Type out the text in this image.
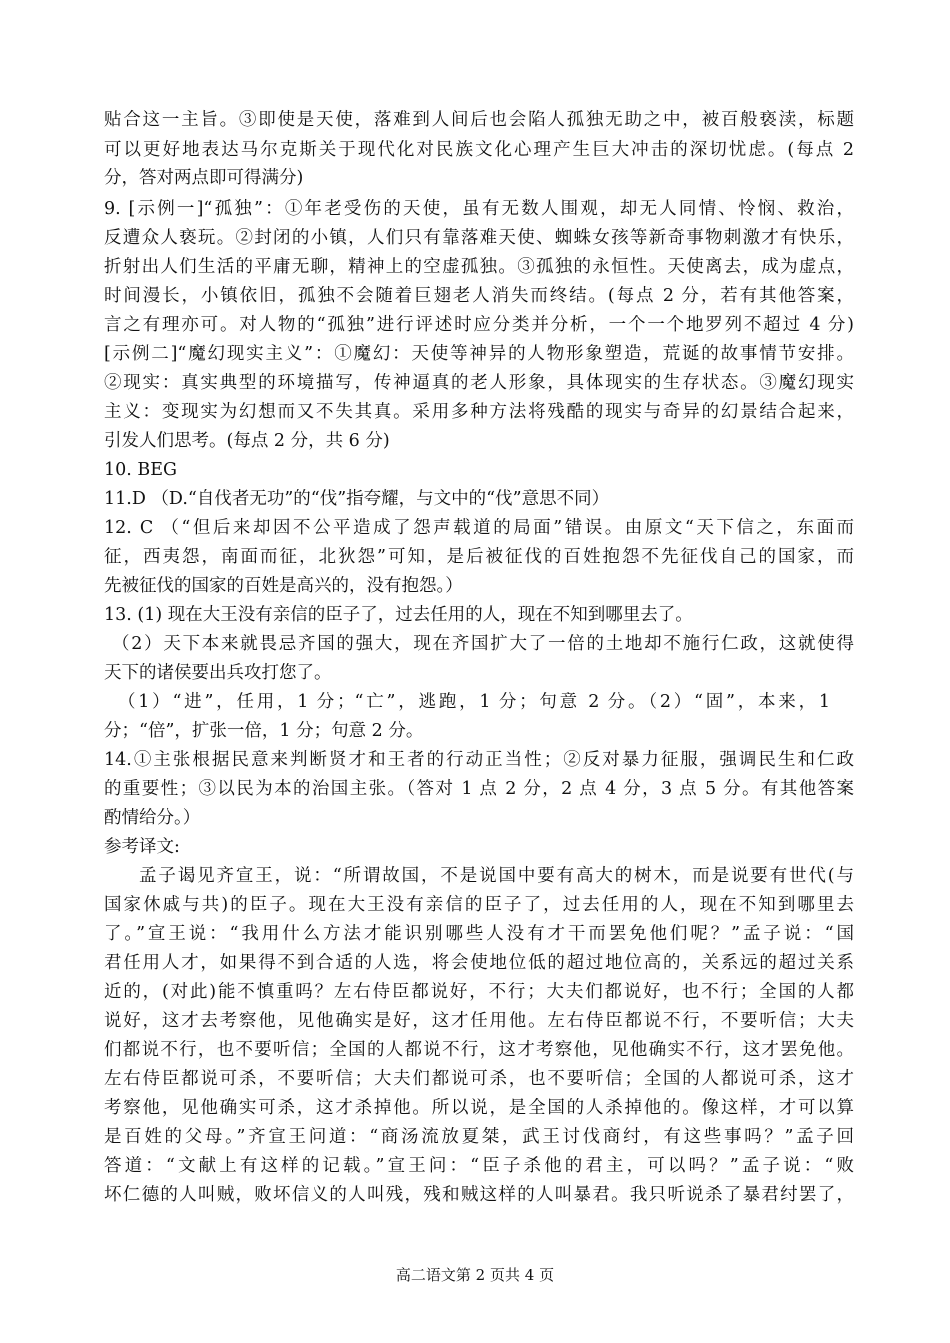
贴合这一主旨。③即使是天使，落难到人间后也会陷人孤独无助之中，被百般亵渎，标题

可以更好地表达马尔克斯关于现代化对民族文化心理产生巨大冲击的深切忧虑。(每点 2

分，答对两点即可得满分)

9. [示例一]“孤独”：①年老受伤的天使，虽有无数人围观，却无人同情、怜悯、救治，

反遭众人亵玩。②封闭的小镇，人们只有靠落难天使、蜘蛛女孩等新奇事物刺激才有快乐，

折射出人们生活的平庸无聊，精神上的空虚孤独。③孤独的永恒性。天使离去，成为虚点，

时间漫长，小镇依旧，孤独不会随着巨翅老人消失而终结。(每点 2 分，若有其他答案，

言之有理亦可。对人物的“孤独”进行评述时应分类并分析，一个一个地罗列不超过 4 分)

[示例二]“魔幻现实主义”：①魔幻：天使等神异的人物形象塑造，荒诞的故事情节安排。

②现实：真实典型的环境描写，传神逼真的老人形象，具体现实的生存状态。③魔幻现实

主义：变现实为幻想而又不失其真。采用多种方法将残酷的现实与奇异的幻景结合起来，

引发人们思考。(每点 2 分，共 6 分)

10. BEG

11.D （D.“自伐者无功”的“伐”指夸耀，与文中的“伐”意思不同）

12. C （“但后来却因不公平造成了怨声载道的局面”错误。由原文“天下信之，东面而

征，西夷怨，南面而征，北狄怨”可知，是后被征伐的百姓抱怨不先征伐自己的国家，而

先被征伐的国家的百姓是高兴的，没有抱怨。）

13. (1) 现在大王没有亲信的臣子了，过去任用的人，现在不知到哪里去了。

（2）天下本来就畏忌齐国的强大，现在齐国扩大了一倍的土地却不施行仁政，这就使得

天下的诸侯要出兵攻打您了。

（1）“进”，任用，1 分；“亡”，逃跑，1 分；句意 2 分。（2）“固”，本来，1

分；“倍”，扩张一倍，1 分；句意 2 分。

14.①主张根据民意来判断贤才和王者的行动正当性；②反对暴力征服，强调民生和仁政

的重要性；③以民为本的治国主张。（答对 1 点 2 分，2 点 4 分，3 点 5 分。有其他答案

酌情给分。）

参考译文:

孟子谒见齐宣王，说：“所谓故国，不是说国中要有高大的树木，而是说要有世代(与

国家休戚与共)的臣子。现在大王没有亲信的臣子了，过去任用的人，现在不知到哪里去

了。”宣王说：“我用什么方法才能识别哪些人没有才干而罢免他们呢？”孟子说：“国

君任用人才，如果得不到合适的人选，将会使地位低的超过地位高的，关系远的超过关系

近的，(对此)能不慎重吗？左右侍臣都说好，不行；大夫们都说好，也不行；全国的人都

说好，这才去考察他，见他确实是好，这才任用他。左右侍臣都说不行，不要听信；大夫

们都说不行，也不要听信；全国的人都说不行，这才考察他，见他确实不行，这才罢免他。

左右侍臣都说可杀，不要听信；大夫们都说可杀，也不要听信；全国的人都说可杀，这才

考察他，见他确实可杀，这才杀掉他。所以说，是全国的人杀掉他的。像这样，才可以算

是百姓的父母。”齐宣王问道：“商汤流放夏桀，武王讨伐商纣，有这些事吗？”孟子回

答道：“文献上有这样的记载。”宣王问：“臣子杀他的君主，可以吗？”孟子说：“败

坏仁德的人叫贼，败坏信义的人叫残，残和贼这样的人叫暴君。我只听说杀了暴君纣罢了，

高二语文第 2 页共 4 页
